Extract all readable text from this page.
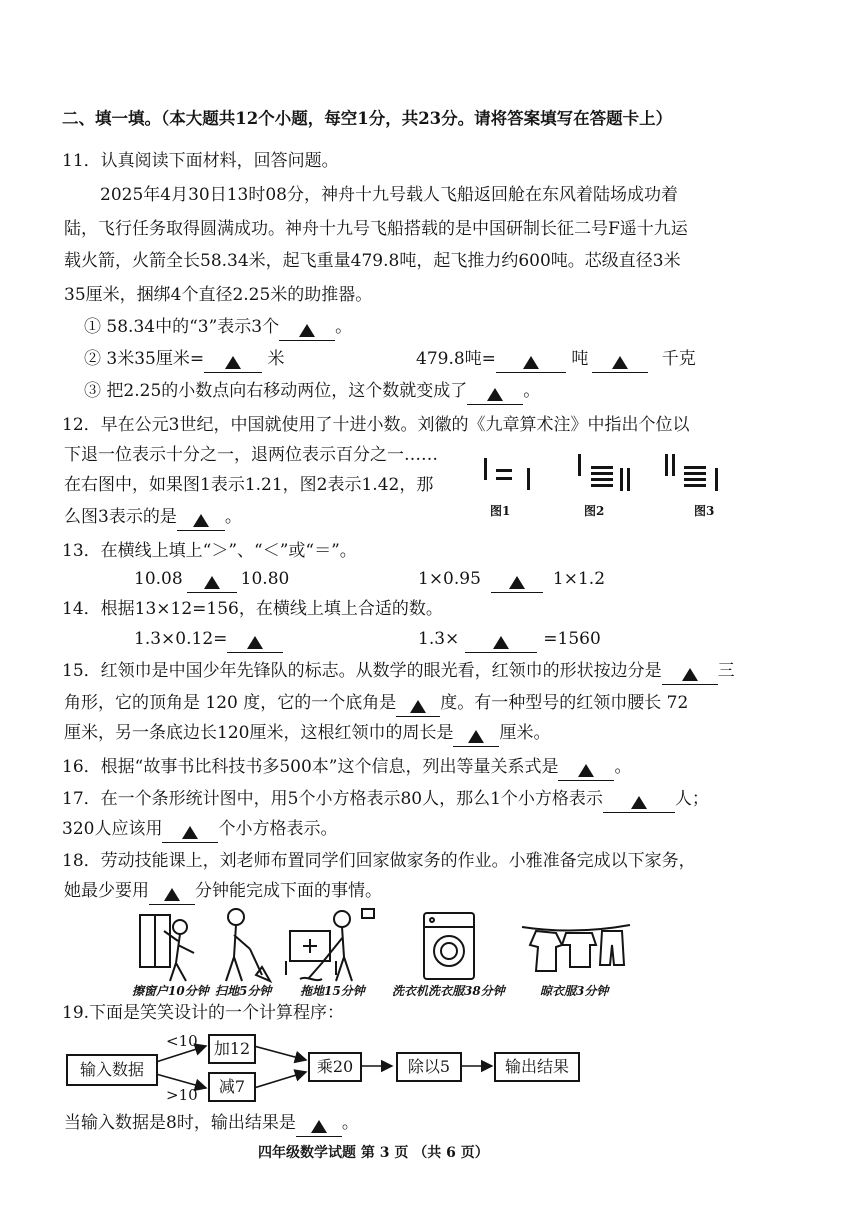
二、填一填。（本大题共12个小题，每空1分，共23分。请将答案填写在答题卡上）
11．认真阅读下面材料，回答问题。
2025年4月30日13时08分，神舟十九号载人飞船返回舱在东风着陆场成功着
陆，飞行任务取得圆满成功。神舟十九号飞船搭载的是中国研制长征二号F遥十九运
载火箭，火箭全长58.34米，起飞重量479.8吨，起飞推力约600吨。芯级直径3米
35厘米，捆绑4个直径2.25米的助推器。
① 58.34中的“3”表示3个	。
② 3米35厘米=	米	479.8吨=	吨	千克
③ 把2.25的小数点向右移动两位，这个数就变成了	。
12．早在公元3世纪，中国就使用了十进小数。刘徽的《九章算术注》中指出个位以
下退一位表示十分之一，退两位表示百分之一……
在右图中，如果图1表示1.21，图2表示1.42，那
么图3表示的是	。	图1	图2	图3
13．在横线上填上“＞”、“＜”或“＝”。
10.08	10.80	1×0.95	1×1.2
14．根据13×12=156，在横线上填上合适的数。
1.3×0.12=	1.3×	=1560
15．红领巾是中国少年先锋队的标志。从数学的眼光看，红领巾的形状按边分是	三
角形，它的顶角是 120 度，它的一个底角是	度。有一种型号的红领巾腰长 72
厘米，另一条底边长120厘米，这根红领巾的周长是	厘米。
16．根据“故事书比科技书多500本”这个信息，列出等量关系式是	。
17．在一个条形统计图中，用5个小方格表示80人，那么1个小方格表示	人；
320人应该用	个小方格表示。
18．劳动技能课上，刘老师布置同学们回家做家务的作业。小雅准备完成以下家务，
她最少要用	分钟能完成下面的事情。
擦窗户10分钟 扫地5分钟 拖地15分钟 洗衣机洗衣服38分钟	晾衣服3分钟
19.下面是笑笑设计的一个计算程序：
输入数据
<10
>10
加12
减7
乘20	除以5	输出结果
当输入数据是8时，输出结果是	。
四年级数学试题 第 3 页 （共 6 页）
